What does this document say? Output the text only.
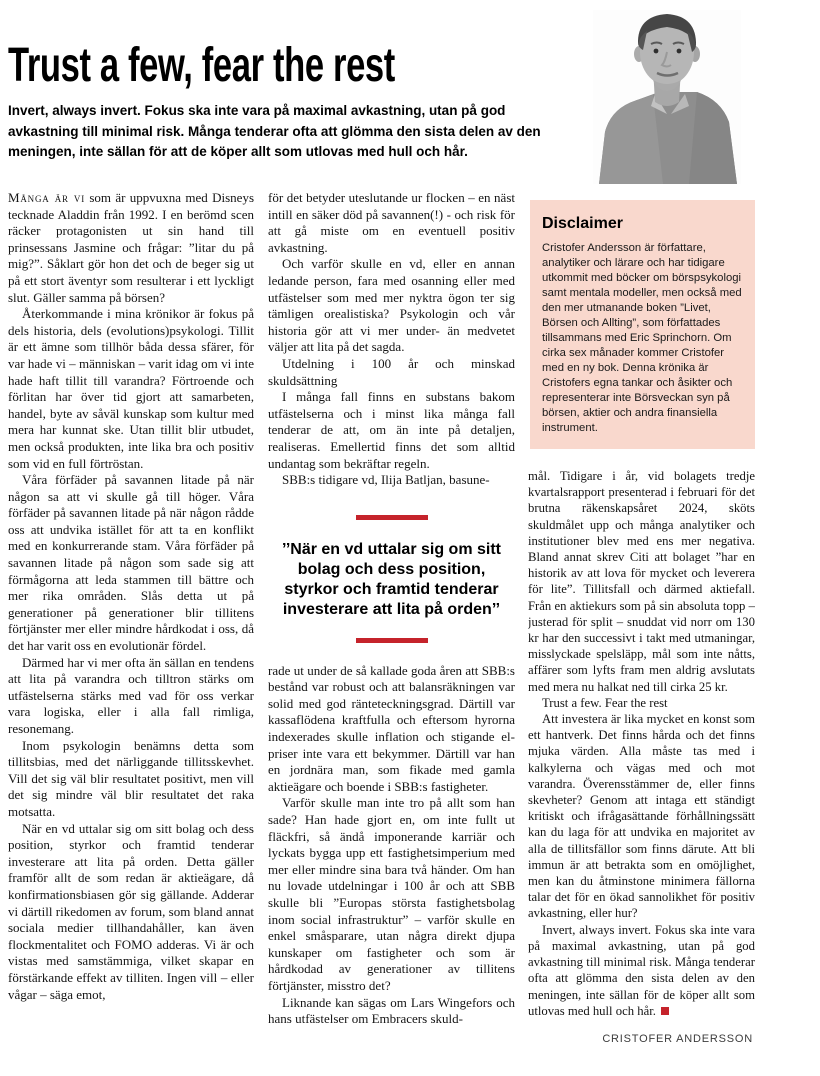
Trust a few, fear the rest

Invert, always invert. Fokus ska inte vara på maximal avkastning, utan på god avkastning till minimal risk. Många tenderar ofta att glömma den sista delen av den meningen, inte sällan för att de köper allt som utlovas med hull och hår.

Många är vi som är uppvuxna med Disneys tecknade Aladdin från 1992. I en berömd scen räcker protagonisten ut sin hand till prinsessans Jasmine och frågar: ”litar du på mig?”. Såklart gör hon det och de beger sig ut på ett stort äventyr som resulterar i ett lyckligt slut. Gäller samma på börsen?

Återkommande i mina krönikor är fokus på dels historia, dels (evolutions)psykologi. Tillit är ett ämne som tillhör båda dessa sfärer, för var hade vi – människan – varit idag om vi inte hade haft tillit till varandra? Förtroende och förlitan har över tid gjort att samarbeten, handel, byte av såväl kunskap som kultur med mera har kunnat ske. Utan tillit blir utbudet, men också produkten, inte lika bra och positiv som vid en full förtröstan.

Våra förfäder på savannen litade på när någon sa att vi skulle gå till höger. Våra förfäder på savannen litade på när någon rådde oss att undvika istället för att ta en konflikt med en konkurrerande stam. Våra förfäder på savannen litade på någon som sade sig att förmågorna att leda stammen till bättre och mer rika områden. Slås detta ut på generationer på generationer blir tillitens förtjänster mer eller mindre hårdkodat i oss, då det har varit oss en evolutionär fördel.

Därmed har vi mer ofta än sällan en tendens att lita på varandra och tilltron stärks om utfästelserna stärks med vad för oss verkar vara logiska, eller i alla fall rimliga, resonemang.

Inom psykologin benämns detta som tillitsbias, med det närliggande tillitsskevhet. Vill det sig väl blir resultatet positivt, men vill det sig mindre väl blir resultatet det raka motsatta.

När en vd uttalar sig om sitt bolag och dess position, styrkor och framtid tenderar investerare att lita på orden. Detta gäller framför allt de som redan är aktieägare, då konfirmationsbiasen gör sig gällande. Adderar vi därtill rikedomen av forum, som bland annat sociala medier tillhandahåller, kan även flockmentalitet och FOMO adderas. Vi är och vistas med samstämmiga, vilket skapar en förstärkande effekt av tilliten. Ingen vill – eller vågar – säga emot,

för det betyder uteslutande ur flocken – en näst intill en säker död på savannen(!) - och risk för att gå miste om en eventuell positiv avkastning.

Och varför skulle en vd, eller en annan ledande person, fara med osanning eller med utfästelser som med mer nyktra ögon ter sig tämligen orealistiska? Psykologin och vår historia gör att vi mer under- än medvetet väljer att lita på det sagda.

Utdelning i 100 år och minskad skuldsättning

I många fall finns en substans bakom utfästelserna och i minst lika många fall tenderar de att, om än inte på detaljen, realiseras. Emellertid finns det som alltid undantag som bekräftar regeln.

SBB:s tidigare vd, Ilija Batljan, basune-

’’När en vd uttalar sig om sitt bolag och dess position, styrkor och framtid tenderar investerare att lita på orden’’

rade ut under de så kallade goda åren att SBB:s bestånd var robust och att balansräkningen var solid med god ränteteckningsgrad. Därtill var kassaflödena kraftfulla och eftersom hyrorna indexerades skulle inflation och stigande el-priser inte vara ett bekymmer. Därtill var han en jordnära man, som fikade med gamla aktieägare och boende i SBB:s fastigheter.

Varför skulle man inte tro på allt som han sade? Han hade gjort en, om inte fullt ut fläckfri, så ändå imponerande karriär och lyckats bygga upp ett fastighetsimperium med mer eller mindre sina bara två händer. Om han nu lovade utdelningar i 100 år och att SBB skulle bli ”Europas största fastighetsbolag inom social infrastruktur” – varför skulle en enkel småsparare, utan några direkt djupa kunskaper om fastigheter och som är hårdkodad av generationer av tillitens förtjänster, misstro det?

Liknande kan sägas om Lars Wingefors och hans utfästelser om Embracers skuld-

Disclaimer

Cristofer Andersson är författare, analytiker och lärare och har tidigare utkommit med böcker om börspsykologi samt mentala modeller, men också med den mer utmanande boken ”Livet, Börsen och Allting”, som författades tillsammans med Eric Sprinchorn. Om cirka sex månader kommer Cristofer med en ny bok. Denna krönika är Cristofers egna tankar och åsikter och representerar inte Börsveckan syn på börsen, aktier och andra finansiella instrument.

mål. Tidigare i år, vid bolagets tredje kvartalsrapport presenterad i februari för det brutna räkenskapsåret 2024, sköts skuldmålet upp och många analytiker och institutioner blev med ens mer negativa. Bland annat skrev Citi att bolaget ”har en historik av att lova för mycket och leverera för lite”. Tillitsfall och därmed aktiefall. Från en aktiekurs som på sin absoluta topp – justerad för split – snuddat vid norr om 130 kr har den successivt i takt med utmaningar, misslyckade spelsläpp, mål som inte nåtts, affärer som lyfts fram men aldrig avslutats med mera nu halkat ned till cirka 25 kr.

Trust a few. Fear the rest

Att investera är lika mycket en konst som ett hantverk. Det finns hårda och det finns mjuka värden. Alla måste tas med i kalkylerna och vägas med och mot varandra. Överensstämmer de, eller finns skevheter? Genom att intaga ett ständigt kritiskt och ifrågasättande förhållningssätt kan du laga för att undvika en majoritet av alla de tillitsfällor som finns därute. Att bli immun är att betrakta som en omöjlighet, men kan du åtminstone minimera fällorna talar det för en ökad sannolikhet för positiv avkastning, eller hur?

Invert, always invert. Fokus ska inte vara på maximal avkastning, utan på god avkastning till minimal risk. Många tenderar ofta att glömma den sista delen av den meningen, inte sällan för de köper allt som utlovas med hull och hår.

CRISTOFER ANDERSSON
